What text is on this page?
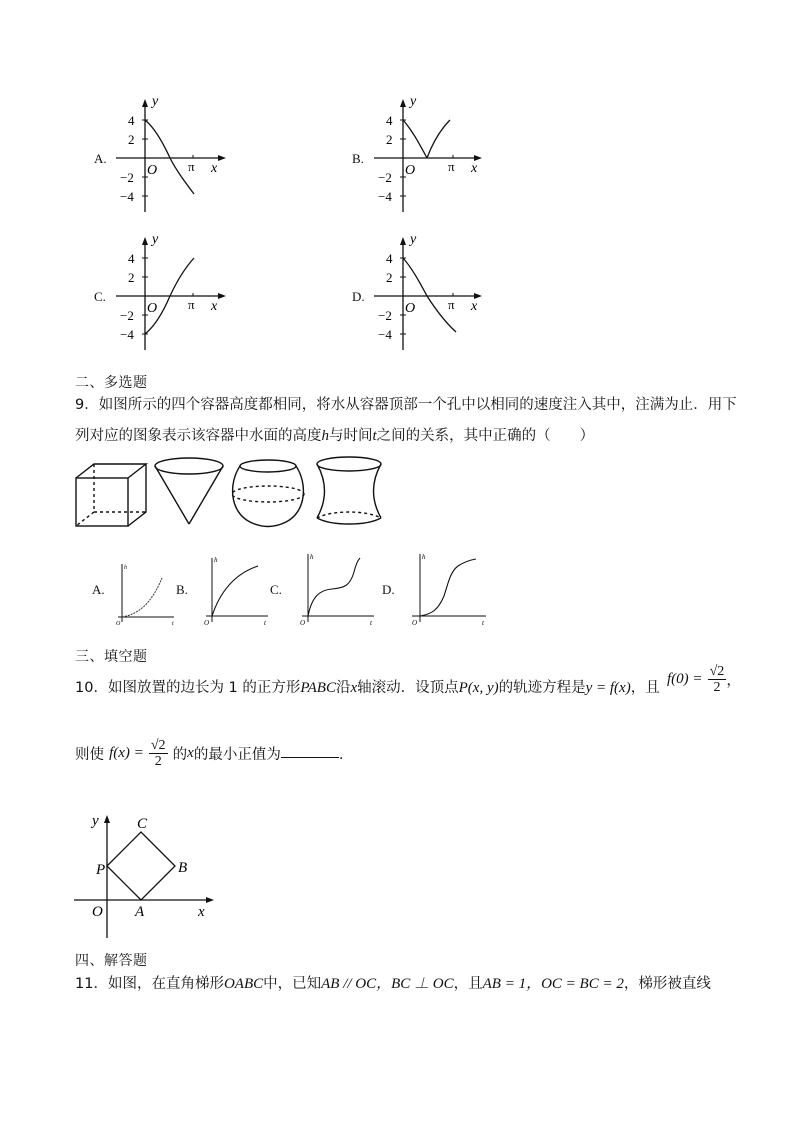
A.
4
2
−2
−4
O π x
y
B.
4
2
−2
−4
O	π x
y
C.
4
2
−2
−4
O π x
y
D.
4
2
−2
−4
O	π x
y
二、多选题
9．如图所示的四个容器高度都相同，将水从容器顶部一个孔中以相同的速度注入其中，注满为止．用下
列对应的图象表示该容器中水面的高度h与时间t之间的关系，其中正确的（　　）
A.
h
O	t
B.
h
O	t
C.
h
O	t
D.
h
O	t
三、填空题
10．如图放置的边长为 1 的正方形PABC沿x轴滚动．设顶点P(x, y)的轨迹方程是y = f(x)，且
$f(0) = \frac{√2}{2}$ ，
则使 $f(x) = \frac{√2}{2}$ 的x的最小正值为	．
y	C
P	B
O A	x
四、解答题
11．如图，在直角梯形OABC中，已知AB // OC，BC ⊥ OC，且AB = 1，OC = BC = 2，梯形被直线
